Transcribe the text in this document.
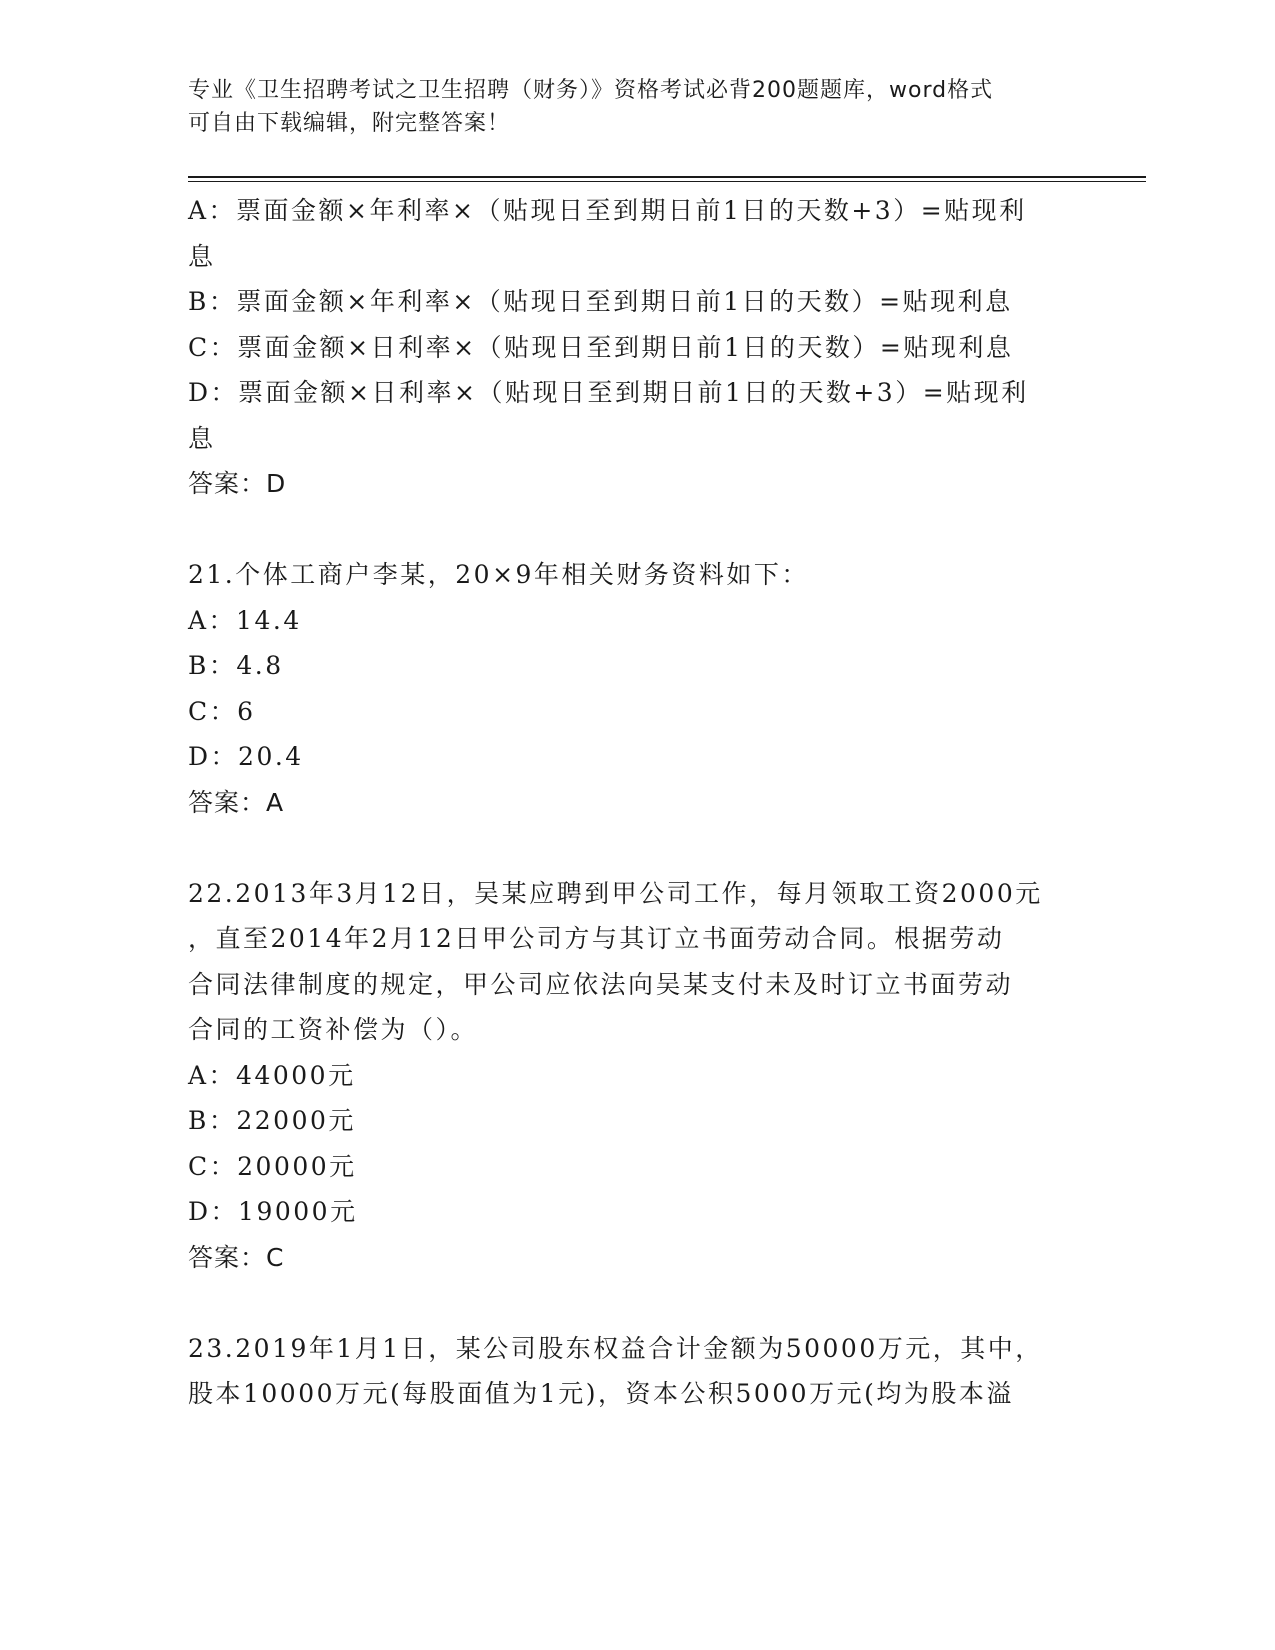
专业《卫生招聘考试之卫生招聘（财务）》资格考试必背200题题库，word格式
可自由下载编辑，附完整答案！
A：票面金额×年利率×（贴现日至到期日前1日的天数+3）=贴现利
息
B：票面金额×年利率×（贴现日至到期日前1日的天数）=贴现利息
C：票面金额×日利率×（贴现日至到期日前1日的天数）=贴现利息
D：票面金额×日利率×（贴现日至到期日前1日的天数+3）=贴现利
息
答案：D
21.个体工商户李某，20×9年相关财务资料如下：
A：14.4
B：4.8
C：6
D：20.4
答案：A
22.2013年3月12日，吴某应聘到甲公司工作，每月领取工资2000元
，直至2014年2月12日甲公司方与其订立书面劳动合同。根据劳动
合同法律制度的规定，甲公司应依法向吴某支付未及时订立书面劳动
合同的工资补偿为（）。
A：44000元
B：22000元
C：20000元
D：19000元
答案：C
23.2019年1月1日，某公司股东权益合计金额为50000万元，其中，
股本10000万元(每股面值为1元)，资本公积5000万元(均为股本溢
